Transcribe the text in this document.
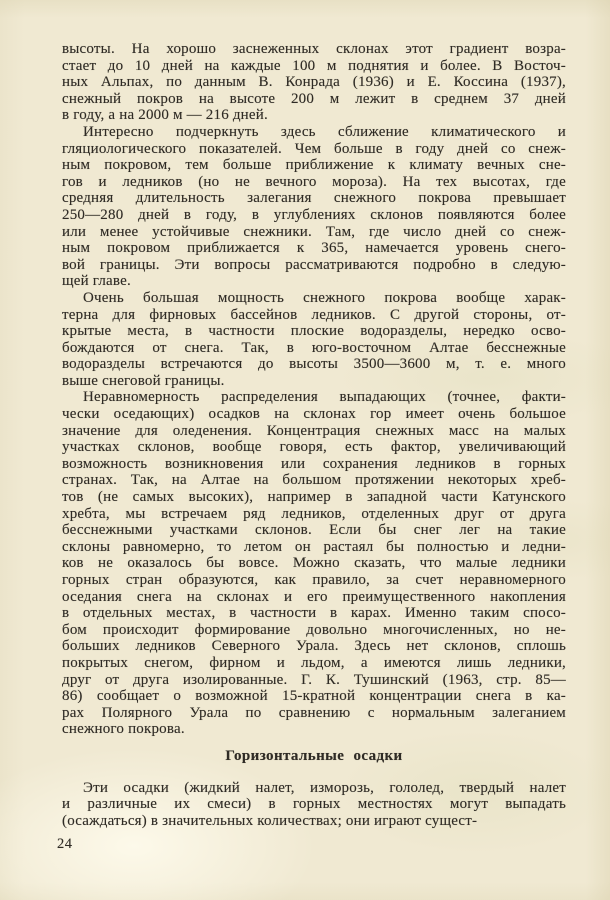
высоты. На хорошо заснеженных склонах этот градиент возра-
стает до 10 дней на каждые 100 м поднятия и более. В Восточ-
ных Альпах, по данным В. Конрада (1936) и Е. Коссина (1937),
снежный покров на высоте 200 м лежит в среднем 37 дней
в году, а на 2000 м — 216 дней.
Интересно подчеркнуть здесь сближение климатического и
гляциологического показателей. Чем больше в году дней со снеж-
ным покровом, тем больше приближение к климату вечных сне-
гов и ледников (но не вечного мороза). На тех высотах, где
средняя длительность залегания снежного покрова превышает
250—280 дней в году, в углублениях склонов появляются более
или менее устойчивые снежники. Там, где число дней со снеж-
ным покровом приближается к 365, намечается уровень снего-
вой границы. Эти вопросы рассматриваются подробно в следую-
щей главе.
Очень большая мощность снежного покрова вообще харак-
терна для фирновых бассейнов ледников. С другой стороны, от-
крытые места, в частности плоские водоразделы, нередко осво-
бождаются от снега. Так, в юго-восточном Алтае бесснежные
водоразделы встречаются до высоты 3500—3600 м, т. е. много
выше снеговой границы.
Неравномерность распределения выпадающих (точнее, факти-
чески оседающих) осадков на склонах гор имеет очень большое
значение для оледенения. Концентрация снежных масс на малых
участках склонов, вообще говоря, есть фактор, увеличивающий
возможность возникновения или сохранения ледников в горных
странах. Так, на Алтае на большом протяжении некоторых хреб-
тов (не самых высоких), например в западной части Катунского
хребта, мы встречаем ряд ледников, отделенных друг от друга
бесснежными участками склонов. Если бы снег лег на такие
склоны равномерно, то летом он растаял бы полностью и ледни-
ков не оказалось бы вовсе. Можно сказать, что малые ледники
горных стран образуются, как правило, за счет неравномерного
оседания снега на склонах и его преимущественного накопления
в отдельных местах, в частности в карах. Именно таким спосо-
бом происходит формирование довольно многочисленных, но не-
больших ледников Северного Урала. Здесь нет склонов, сплошь
покрытых снегом, фирном и льдом, а имеются лишь ледники,
друг от друга изолированные. Г. К. Тушинский (1963, стр. 85—
86) сообщает о возможной 15-кратной концентрации снега в ка-
рах Полярного Урала по сравнению с нормальным залеганием
снежного покрова.
Горизонтальные осадки
Эти осадки (жидкий налет, изморозь, гололед, твердый налет
и различные их смеси) в горных местностях могут выпадать
(осаждаться) в значительных количествах; они играют сущест-
24
